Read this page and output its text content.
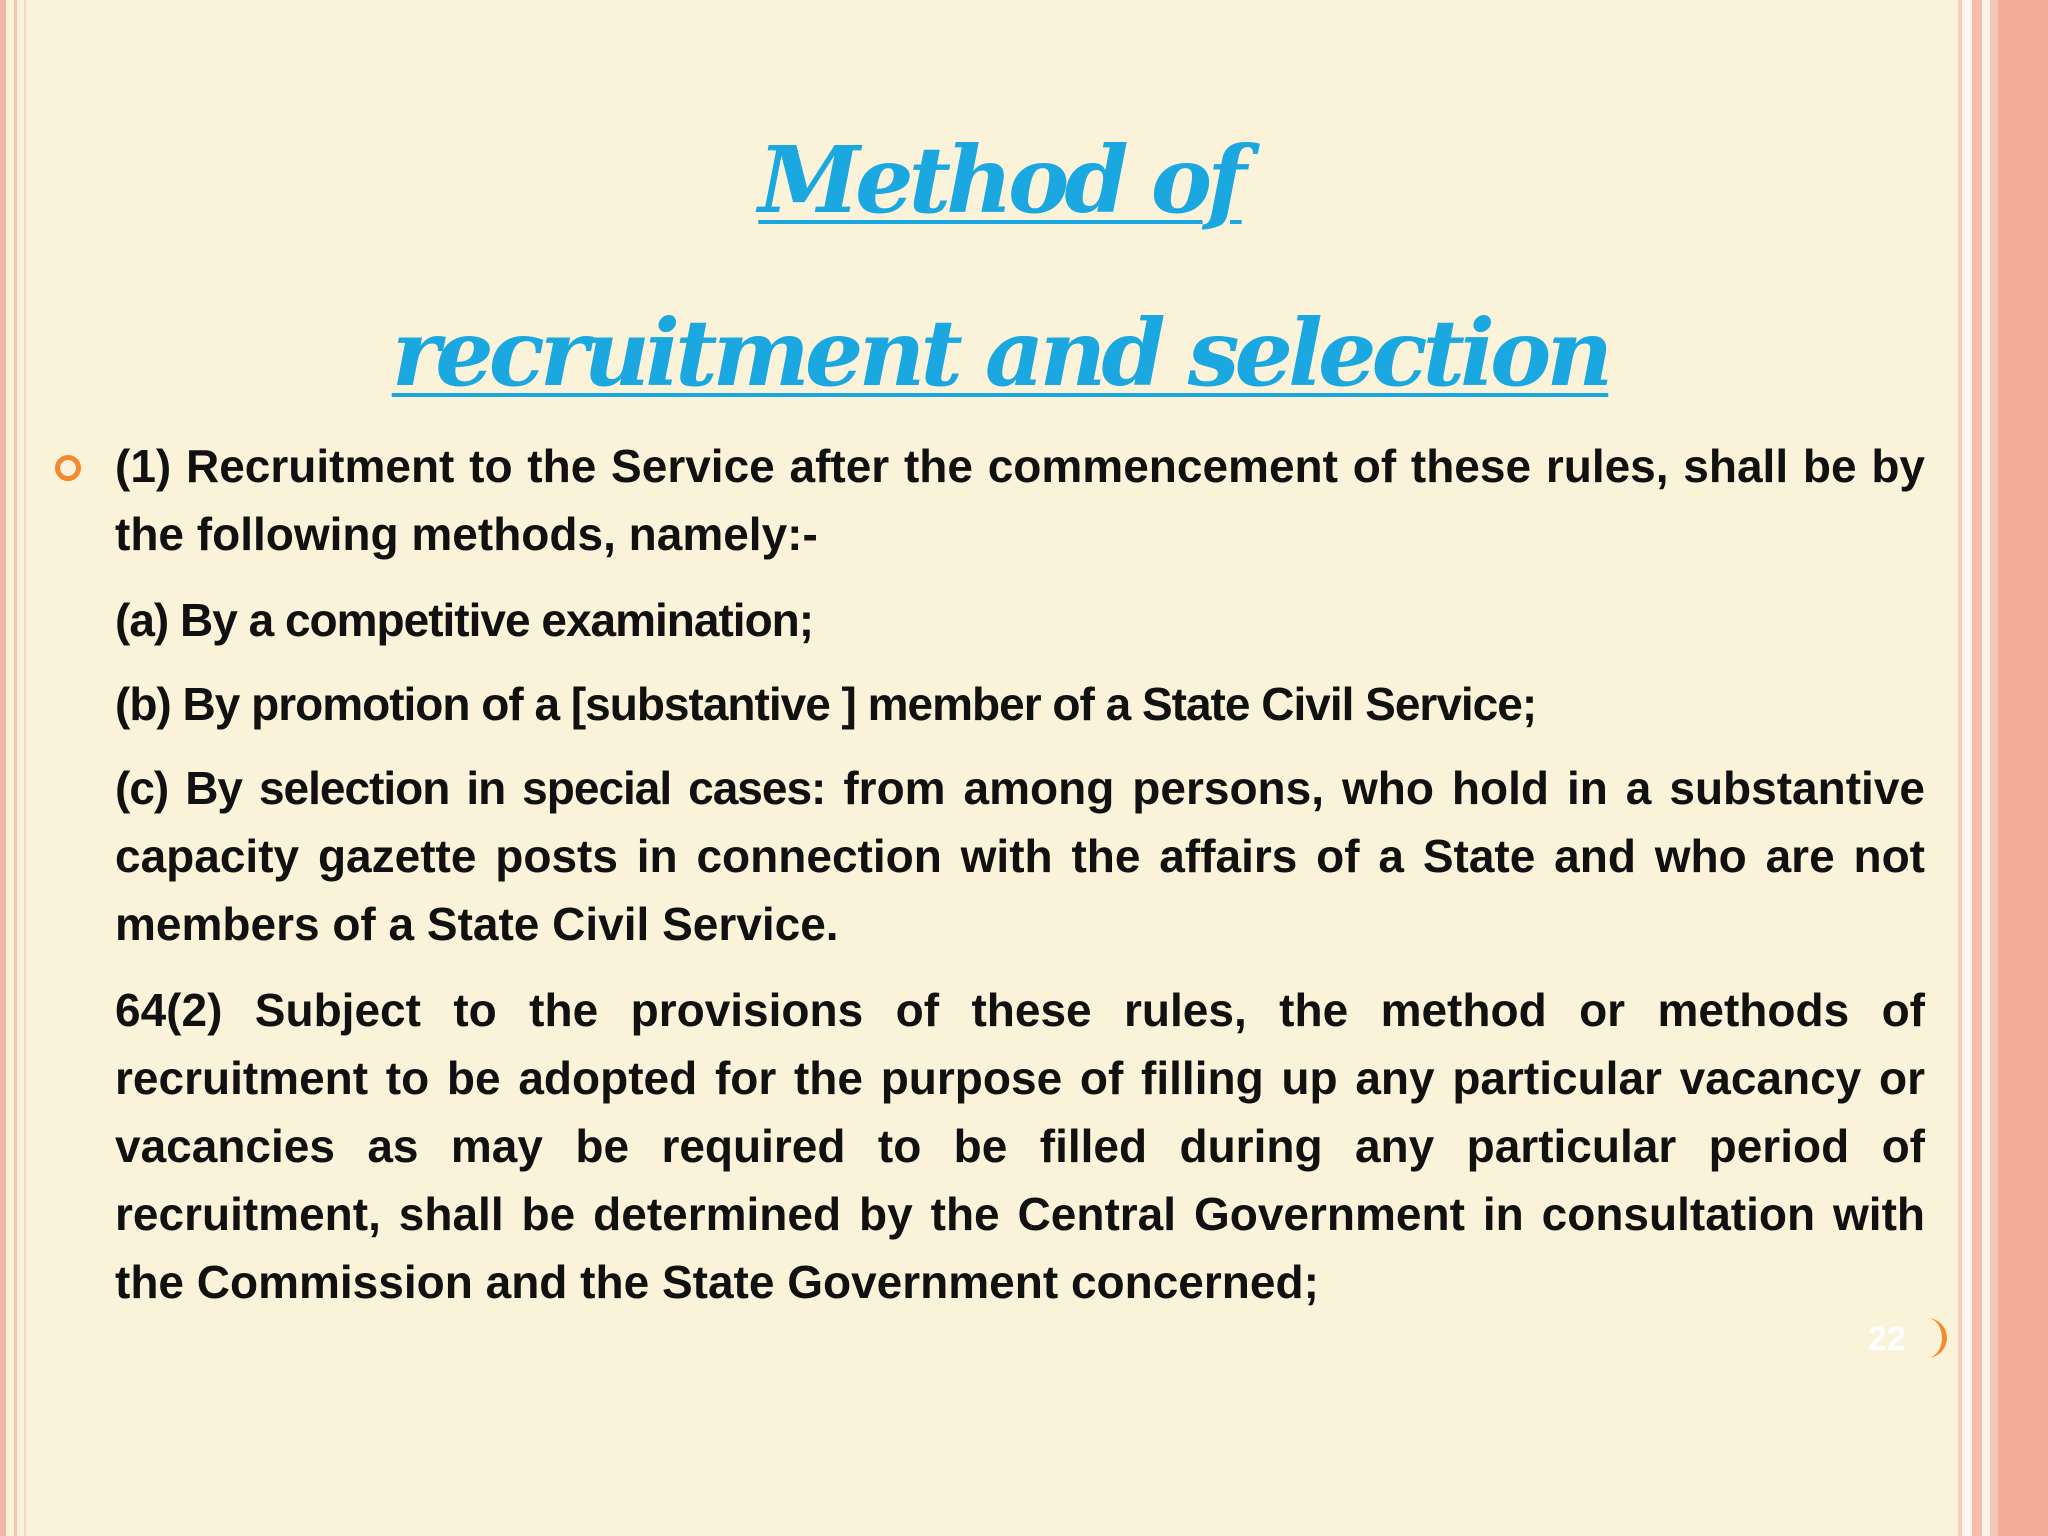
Method of
recruitment and selection

(1) Recruitment to the Service after the commencement of these rules, shall be by the following methods, namely:-

(a) By a competitive examination;

(b) By promotion of a [substantive ] member of a State Civil Service;

(c) By selection in special cases: from among persons, who hold in a substantive capacity gazette posts in connection with the affairs of a State and who are not members of a State Civil Service.

64(2) Subject to the provisions of these rules, the method or methods of recruitment to be adopted for the purpose of filling up any particular vacancy or vacancies as may be required to be filled during any particular period of recruitment, shall be determined by the Central Government in consultation with the Commission and the State Government concerned;

22
